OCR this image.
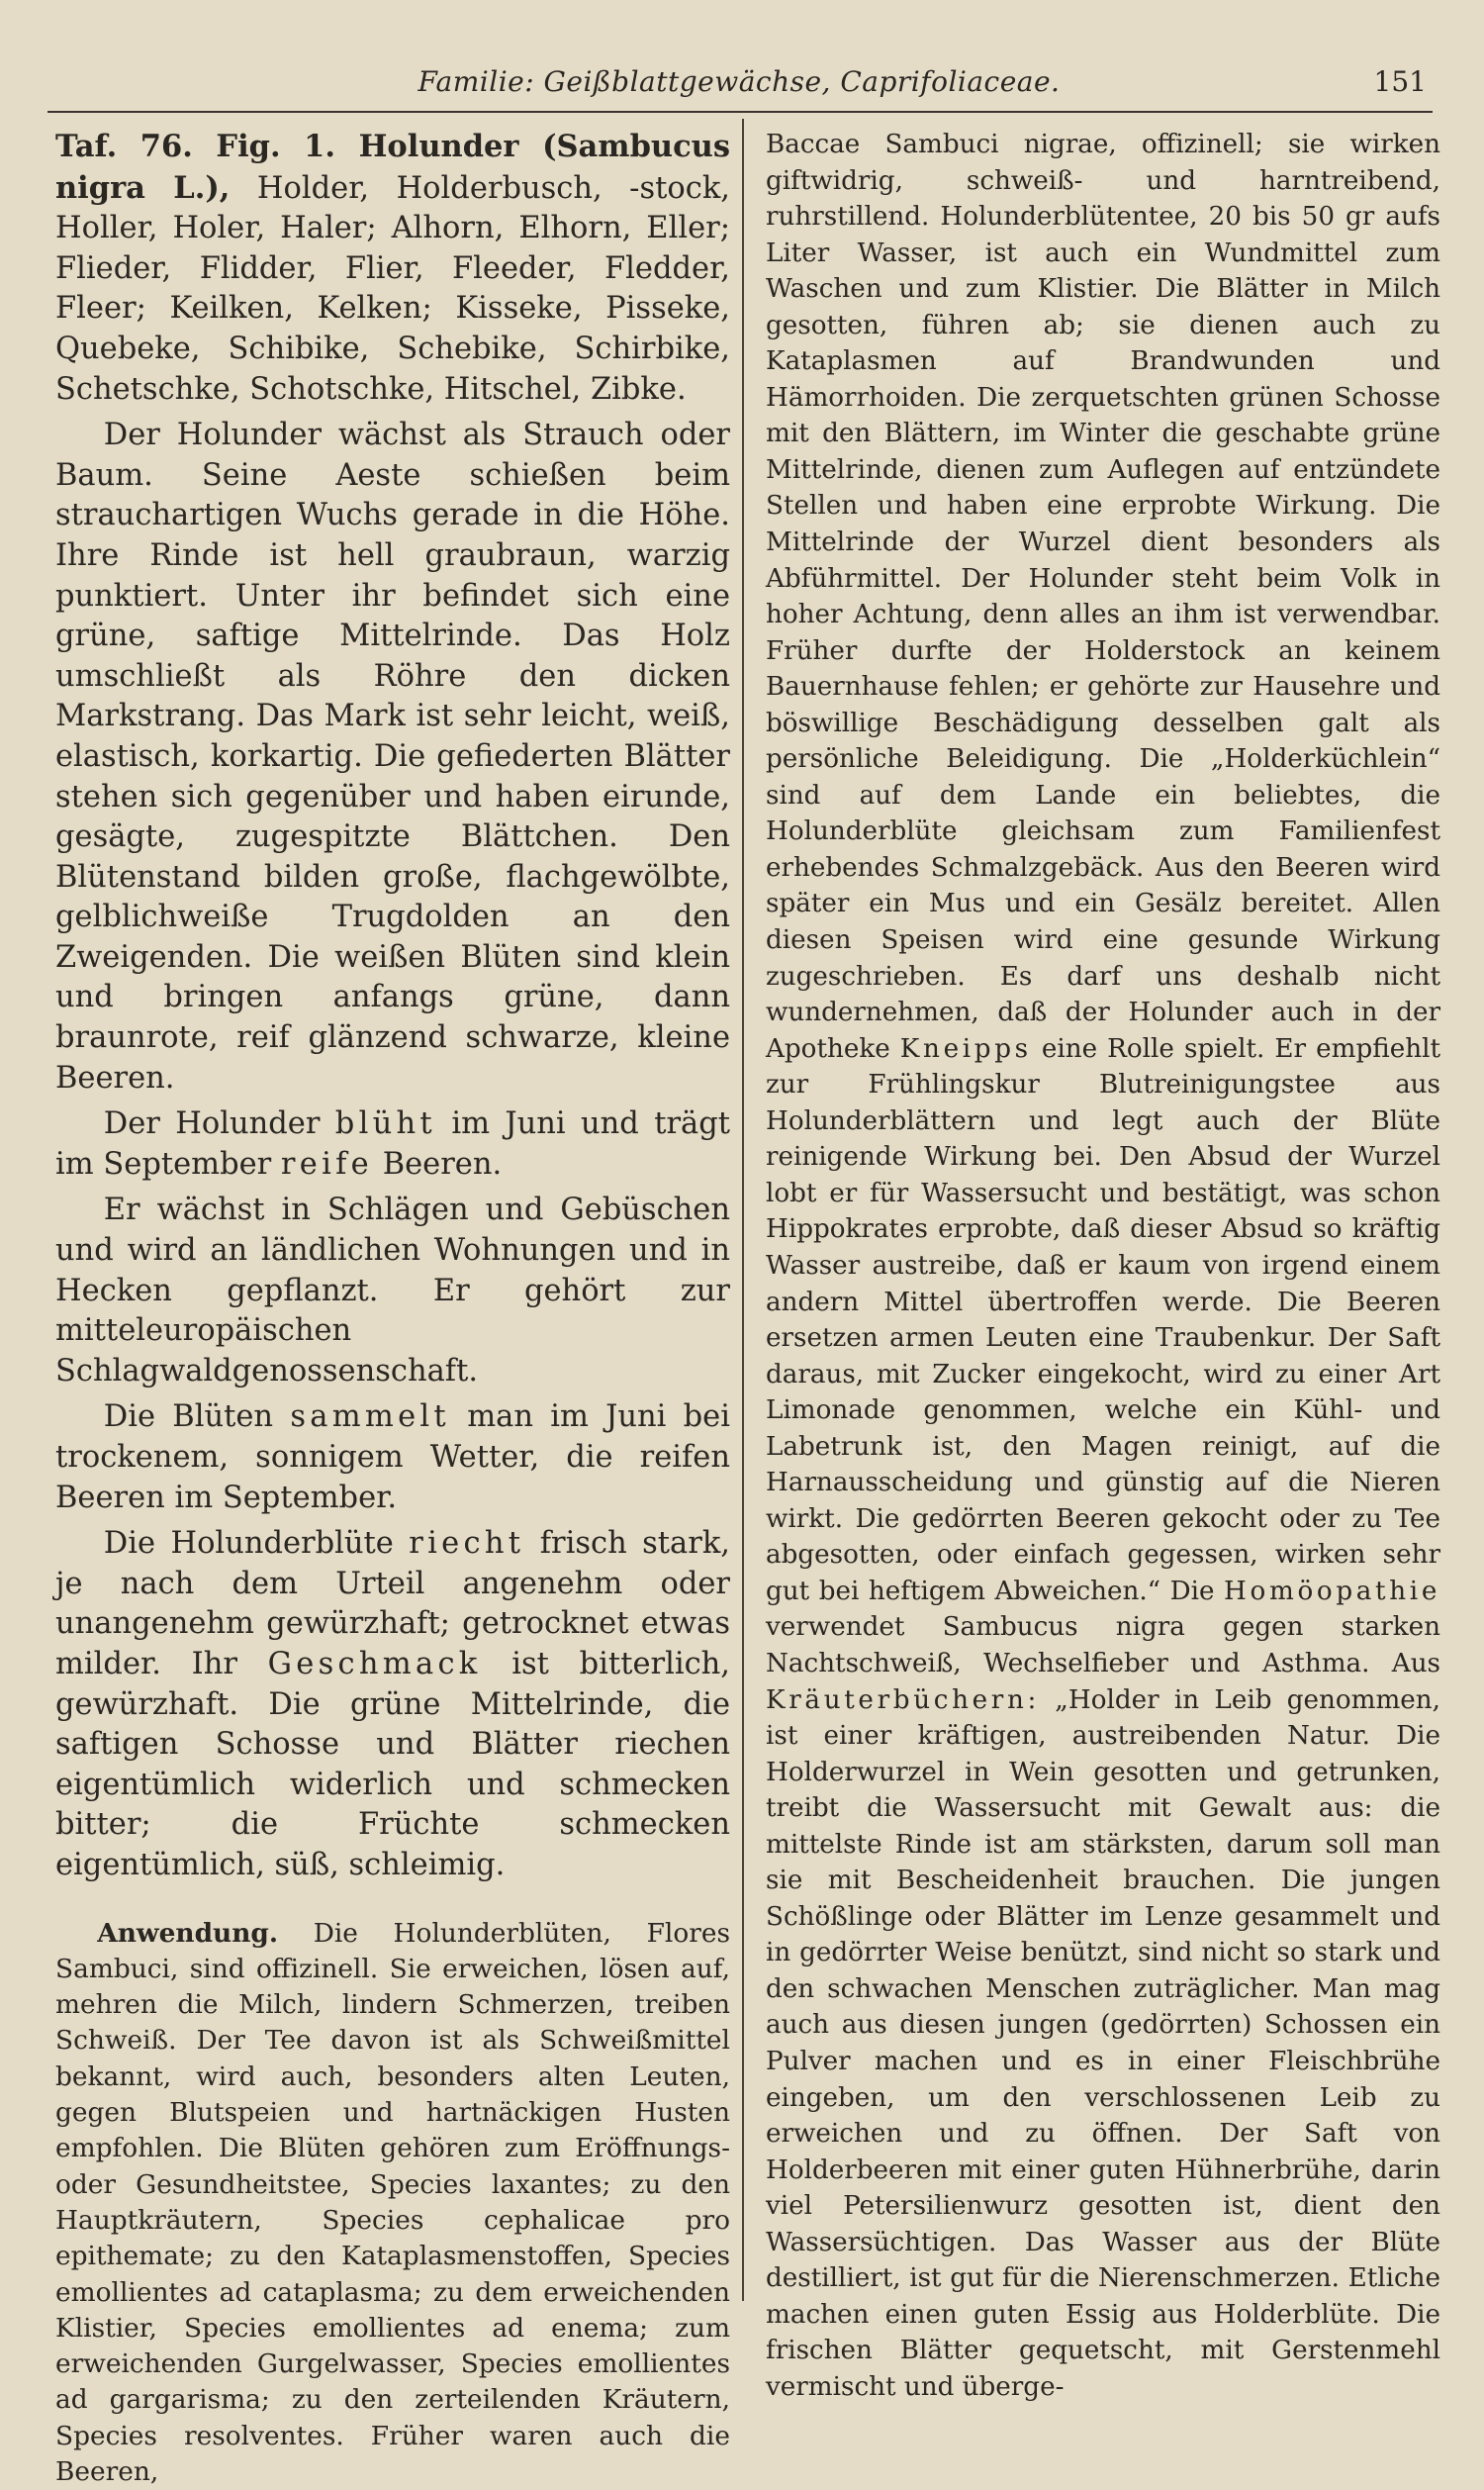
Familie: Geißblattgewächse, Caprifoliaceae.	151

Taf. 76. Fig. 1. Holunder (Sambucus nigra L.), Holder, Holderbusch, -stock, Holler, Holer, Haler; Alhorn, Elhorn, Eller; Flieder, Flidder, Flier, Fleeder, Fledder, Fleer; Keilken, Kelken; Kisseke, Pisseke, Quebeke, Schibike, Schebike, Schirbike, Schetschke, Schotschke, Hitschel, Zibke.

Der Holunder wächst als Strauch oder Baum. Seine Aeste schießen beim strauchartigen Wuchs gerade in die Höhe. Ihre Rinde ist hell graubraun, warzig punktiert. Unter ihr befindet sich eine grüne, saftige Mittelrinde. Das Holz umschließt als Röhre den dicken Markstrang. Das Mark ist sehr leicht, weiß, elastisch, korkartig. Die gefiederten Blätter stehen sich gegenüber und haben eirunde, gesägte, zugespitzte Blättchen. Den Blütenstand bilden große, flachgewölbte, gelblichweiße Trugdolden an den Zweigenden. Die weißen Blüten sind klein und bringen anfangs grüne, dann braunrote, reif glänzend schwarze, kleine Beeren.

Der Holunder blüht im Juni und trägt im September reife Beeren.

Er wächst in Schlägen und Gebüschen und wird an ländlichen Wohnungen und in Hecken gepflanzt. Er gehört zur mitteleuropäischen Schlagwaldgenossenschaft.

Die Blüten sammelt man im Juni bei trockenem, sonnigem Wetter, die reifen Beeren im September.

Die Holunderblüte riecht frisch stark, je nach dem Urteil angenehm oder unangenehm gewürzhaft; getrocknet etwas milder. Ihr Geschmack ist bitterlich, gewürzhaft. Die grüne Mittelrinde, die saftigen Schosse und Blätter riechen eigentümlich widerlich und schmecken bitter; die Früchte schmecken eigentümlich, süß, schleimig.

Anwendung. Die Holunderblüten, Flores Sambuci, sind offizinell. Sie erweichen, lösen auf, mehren die Milch, lindern Schmerzen, treiben Schweiß. Der Tee davon ist als Schweißmittel bekannt, wird auch, besonders alten Leuten, gegen Blutspeien und hartnäckigen Husten empfohlen. Die Blüten gehören zum Eröffnungs- oder Gesundheitstee, Species laxantes; zu den Hauptkräutern, Species cephalicae pro epithemate; zu den Kataplasmenstoffen, Species emollientes ad cataplasma; zu dem erweichenden Klistier, Species emollientes ad enema; zum erweichenden Gurgelwasser, Species emollientes ad gargarisma; zu den zerteilenden Kräutern, Species resolventes. Früher waren auch die Beeren,

Baccae Sambuci nigrae, offizinell; sie wirken giftwidrig, schweiß- und harntreibend, ruhrstillend. Holunderblütentee, 20 bis 50 gr aufs Liter Wasser, ist auch ein Wundmittel zum Waschen und zum Klistier. Die Blätter in Milch gesotten, führen ab; sie dienen auch zu Kataplasmen auf Brandwunden und Hämorrhoiden. Die zerquetschten grünen Schosse mit den Blättern, im Winter die geschabte grüne Mittelrinde, dienen zum Auflegen auf entzündete Stellen und haben eine erprobte Wirkung. Die Mittelrinde der Wurzel dient besonders als Abführmittel. Der Holunder steht beim Volk in hoher Achtung, denn alles an ihm ist verwendbar. Früher durfte der Holderstock an keinem Bauernhause fehlen; er gehörte zur Hausehre und böswillige Beschädigung desselben galt als persönliche Beleidigung. Die „Holderküchlein“ sind auf dem Lande ein beliebtes, die Holunderblüte gleichsam zum Familienfest erhebendes Schmalzgebäck. Aus den Beeren wird später ein Mus und ein Gesälz bereitet. Allen diesen Speisen wird eine gesunde Wirkung zugeschrieben. Es darf uns deshalb nicht wundernehmen, daß der Holunder auch in der Apotheke Kneipps eine Rolle spielt. Er empfiehlt zur Frühlingskur Blutreinigungstee aus Holunderblättern und legt auch der Blüte reinigende Wirkung bei. Den Absud der Wurzel lobt er für Wassersucht und bestätigt, was schon Hippokrates erprobte, daß dieser Absud so kräftig Wasser austreibe, daß er kaum von irgend einem andern Mittel übertroffen werde. Die Beeren ersetzen armen Leuten eine Traubenkur. Der Saft daraus, mit Zucker eingekocht, wird zu einer Art Limonade genommen, welche ein Kühl- und Labetrunk ist, den Magen reinigt, auf die Harnausscheidung und günstig auf die Nieren wirkt. Die gedörrten Beeren gekocht oder zu Tee abgesotten, oder einfach gegessen, wirken sehr gut bei heftigem Abweichen.“ Die Homöopathie verwendet Sambucus nigra gegen starken Nachtschweiß, Wechselfieber und Asthma. Aus Kräuterbüchern: „Holder in Leib genommen, ist einer kräftigen, austreibenden Natur. Die Holderwurzel in Wein gesotten und getrunken, treibt die Wassersucht mit Gewalt aus: die mittelste Rinde ist am stärksten, darum soll man sie mit Bescheidenheit brauchen. Die jungen Schößlinge oder Blätter im Lenze gesammelt und in gedörrter Weise benützt, sind nicht so stark und den schwachen Menschen zuträglicher. Man mag auch aus diesen jungen (gedörrten) Schossen ein Pulver machen und es in einer Fleischbrühe eingeben, um den verschlossenen Leib zu erweichen und zu öffnen. Der Saft von Holderbeeren mit einer guten Hühnerbrühe, darin viel Petersilienwurz gesotten ist, dient den Wassersüchtigen. Das Wasser aus der Blüte destilliert, ist gut für die Nierenschmerzen. Etliche machen einen guten Essig aus Holderblüte. Die frischen Blätter gequetscht, mit Gerstenmehl vermischt und überge-
